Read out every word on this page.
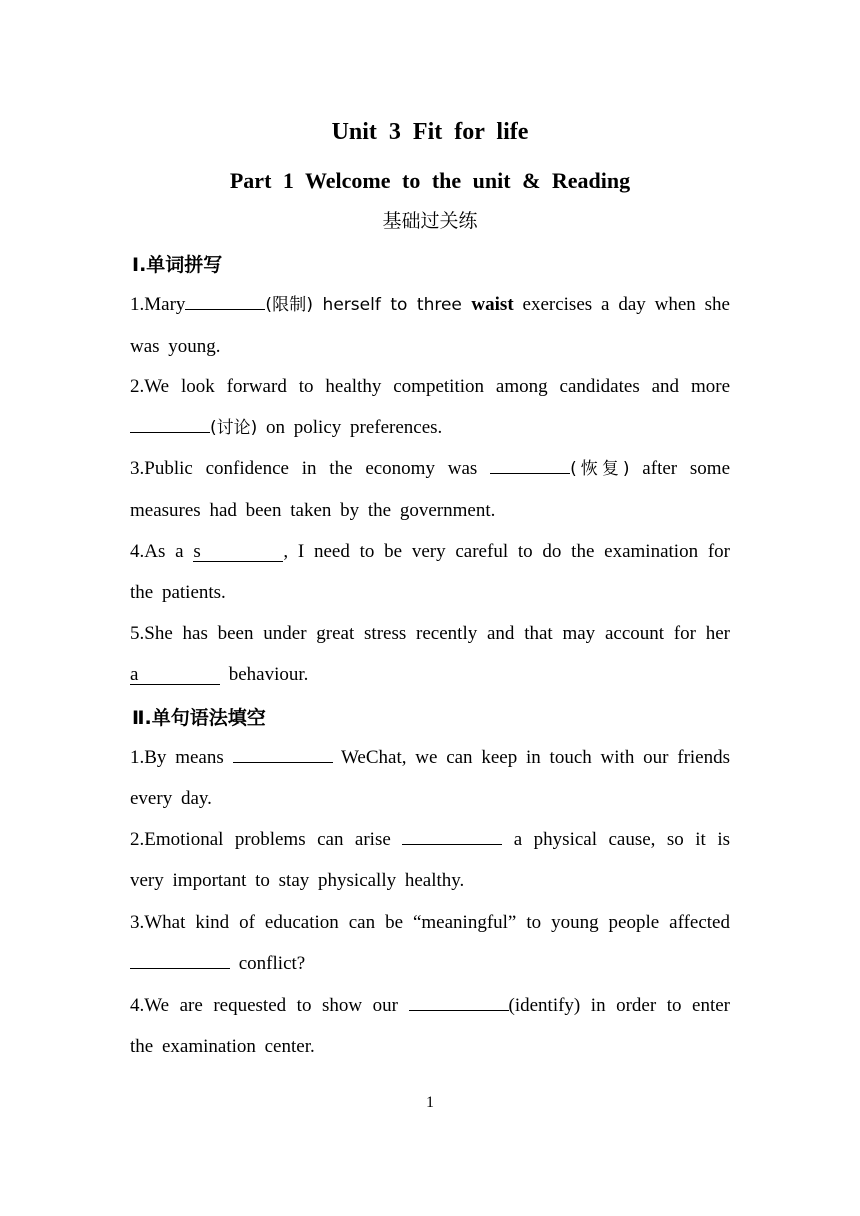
Unit 3 Fit for life
Part 1 Welcome to the unit & Reading
基础过关练
Ⅰ.单词拼写
1.Mary	(限制) herself to three waist exercises a day when she was young.
2.We look forward to healthy competition among candidates and more (讨论) on policy preferences.
3.Public confidence in the economy was	(恢复) after some measures had been taken by the government.
4.As a s	, I need to be very careful to do the examination for the patients.
5.She has been under great stress recently and that may account for her a	behaviour.
Ⅱ.单句语法填空
1.By means	WeChat, we can keep in touch with our friends every day.
2.Emotional problems can arise	a physical cause, so it is very important to stay physically healthy.
3.What kind of education can be “meaningful” to young people affected  conflict?
4.We are requested to show our	(identify) in order to enter the examination center.
1
